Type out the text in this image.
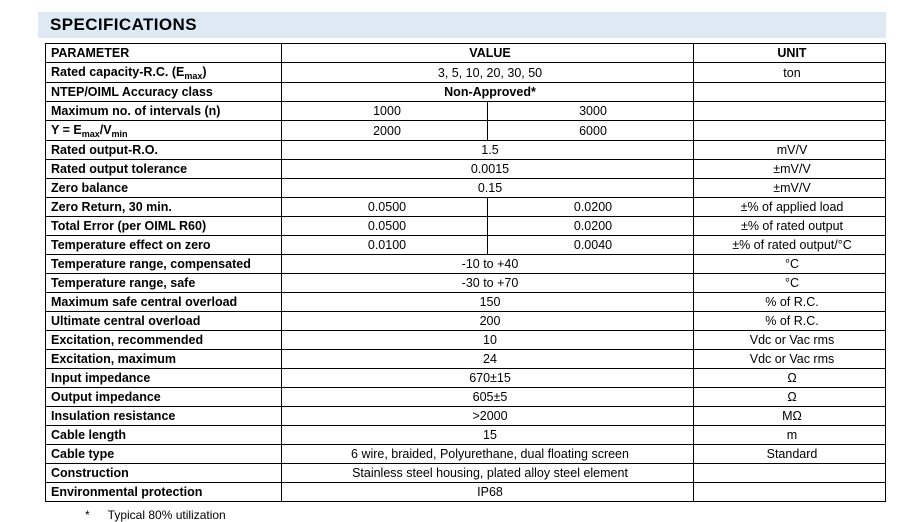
SPECIFICATIONS
PARAMETER	VALUE		UNIT
Rated capacity-R.C. $(E_{max})$	3, 5, 10, 20, 30, 50		ton
NTEP/OIML Accuracy class	Non-Approved*		
Maximum no. of intervals (n)	1000	3000	
$Y = E_{max}/V_{min}$	2000	6000	
Rated output-R.O.	1.5		mV/V
Rated output tolerance	0.0015		±mV/V
Zero balance	0.15		±mV/V
Zero Return, 30 min.	0.0500	0.0200	±% of applied load
Total Error (per OIML R60)	0.0500	0.0200	±% of rated output
Temperature effect on zero	0.0100	0.0040	±% of rated output/°C
Temperature range, compensated	-10 to +40		°C
Temperature range, safe	-30 to +70		°C
Maximum safe central overload	150		% of R.C.
Ultimate central overload	200		% of R.C.
Excitation, recommended	10		Vdc or Vac rms
Excitation, maximum	24		Vdc or Vac rms
Input impedance	670±15		Ω
Output impedance	605±5		Ω
Insulation resistance	>2000		MΩ
Cable length	15		m
Cable type	6 wire, braided, Polyurethane, dual floating screen		Standard
Construction	Stainless steel housing, plated alloy steel element		
Environmental protection	IP68		
* Typical 80% utilization
